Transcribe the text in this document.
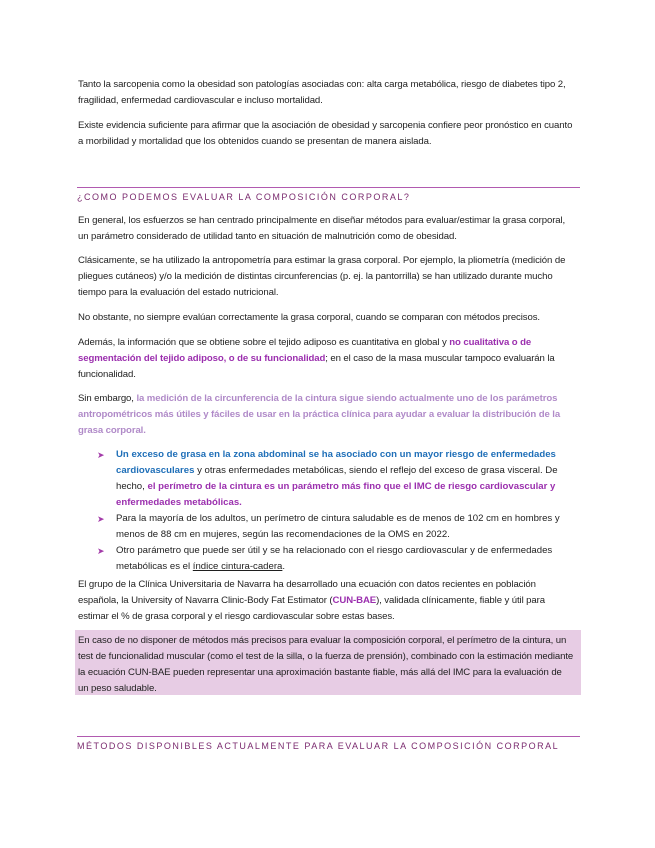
Tanto la sarcopenia como la obesidad son patologías asociadas con: alta carga metabólica, riesgo de diabetes tipo 2, fragilidad, enfermedad cardiovascular e incluso mortalidad.
Existe evidencia suficiente para afirmar que la asociación de obesidad y sarcopenia confiere peor pronóstico en cuanto a morbilidad y mortalidad que los obtenidos cuando se presentan de manera aislada.
¿COMO PODEMOS EVALUAR LA COMPOSICIÓN CORPORAL?
En general, los esfuerzos se han centrado principalmente en diseñar métodos para evaluar/estimar la grasa corporal, un parámetro considerado de utilidad tanto en situación de malnutrición como de obesidad.
Clásicamente, se ha utilizado la antropometría para estimar la grasa corporal. Por ejemplo, la pliometría (medición de pliegues cutáneos) y/o la medición de distintas circunferencias (p. ej. la pantorrilla) se han utilizado durante mucho tiempo para la evaluación del estado nutricional.
No obstante, no siempre evalúan correctamente la grasa corporal, cuando se comparan con métodos precisos.
Además, la información que se obtiene sobre el tejido adiposo es cuantitativa en global y no cualitativa o de segmentación del tejido adiposo, o de su funcionalidad; en el caso de la masa muscular tampoco evaluarán la funcionalidad.
Sin embargo, la medición de la circunferencia de la cintura sigue siendo actualmente uno de los parámetros antropométricos más útiles y fáciles de usar en la práctica clínica para ayudar a evaluar la distribución de la grasa corporal.
➤ Un exceso de grasa en la zona abdominal se ha asociado con un mayor riesgo de enfermedades cardiovasculares y otras enfermedades metabólicas, siendo el reflejo del exceso de grasa visceral. De hecho, el perímetro de la cintura es un parámetro más fino que el IMC de riesgo cardiovascular y enfermedades metabólicas.
➤ Para la mayoría de los adultos, un perímetro de cintura saludable es de menos de 102 cm en hombres y menos de 88 cm en mujeres, según las recomendaciones de la OMS en 2022.
➤ Otro parámetro que puede ser útil y se ha relacionado con el riesgo cardiovascular y de enfermedades metabólicas es el índice cintura-cadera.
El grupo de la Clínica Universitaria de Navarra ha desarrollado una ecuación con datos recientes en población española, la University of Navarra Clinic-Body Fat Estimator (CUN-BAE), validada clínicamente, fiable y útil para estimar el % de grasa corporal y el riesgo cardiovascular sobre estas bases.
En caso de no disponer de métodos más precisos para evaluar la composición corporal, el perímetro de la cintura, un test de funcionalidad muscular (como el test de la silla, o la fuerza de prensión), combinado con la estimación mediante la ecuación CUN-BAE pueden representar una aproximación bastante fiable, más allá del IMC para la evaluación de un peso saludable.
MÉTODOS DISPONIBLES ACTUALMENTE PARA EVALUAR LA COMPOSICIÓN CORPORAL
